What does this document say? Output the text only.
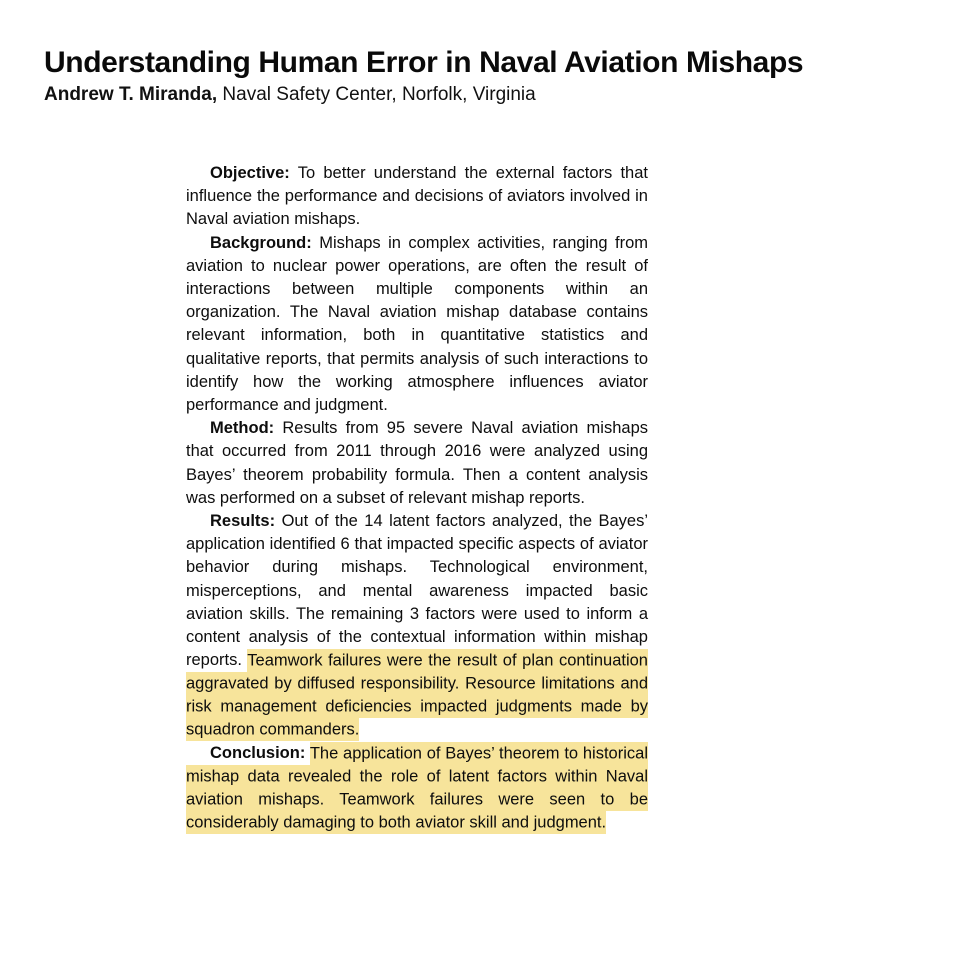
Understanding Human Error in Naval Aviation Mishaps
Andrew T. Miranda, Naval Safety Center, Norfolk, Virginia

Objective: To better understand the external factors that influence the performance and decisions of aviators involved in Naval aviation mishaps.

Background: Mishaps in complex activities, ranging from aviation to nuclear power operations, are often the result of interactions between multiple components within an organization. The Naval aviation mishap database contains relevant information, both in quantitative statistics and qualitative reports, that permits analysis of such interactions to identify how the working atmosphere influences aviator performance and judgment.

Method: Results from 95 severe Naval aviation mishaps that occurred from 2011 through 2016 were analyzed using Bayes’ theorem probability formula. Then a content analysis was performed on a subset of relevant mishap reports.

Results: Out of the 14 latent factors analyzed, the Bayes’ application identified 6 that impacted specific aspects of aviator behavior during mishaps. Technological environment, misperceptions, and mental awareness impacted basic aviation skills. The remaining 3 factors were used to inform a content analysis of the contextual information within mishap reports. Teamwork failures were the result of plan continuation aggravated by diffused responsibility. Resource limitations and risk management deficiencies impacted judgments made by squadron commanders.

Conclusion: The application of Bayes’ theorem to historical mishap data revealed the role of latent factors within Naval aviation mishaps. Teamwork failures were seen to be considerably damaging to both aviator skill and judgment.
